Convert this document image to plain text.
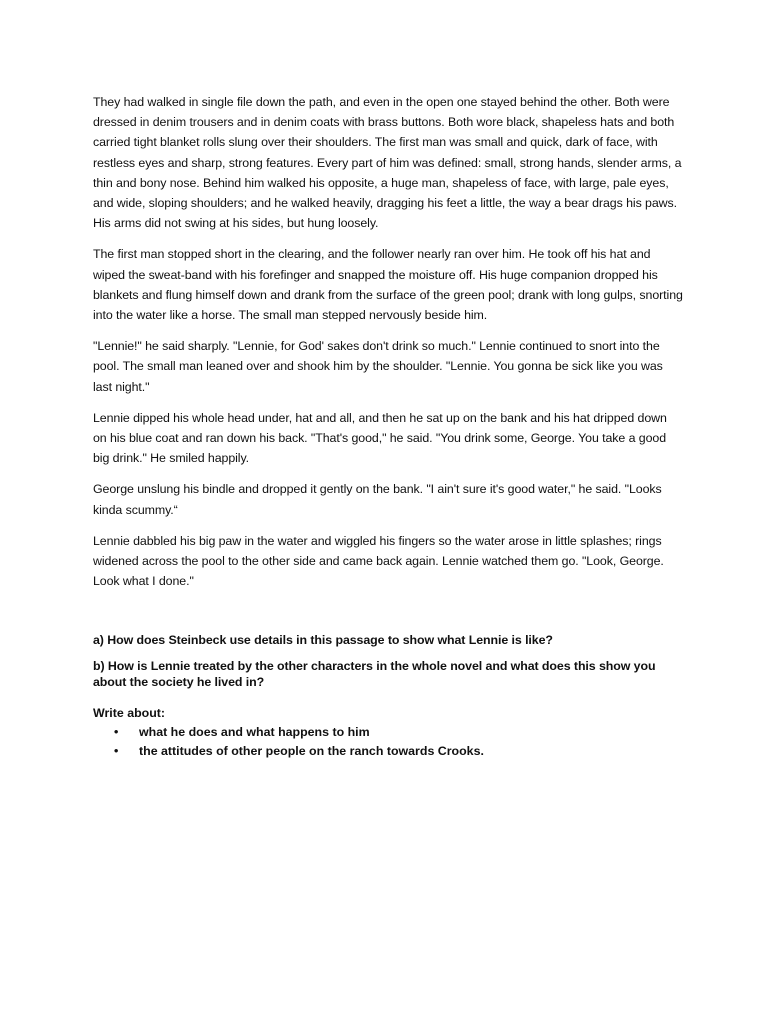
They had walked in single file down the path, and even in the open one stayed behind the other. Both were dressed in denim trousers and in denim coats with brass buttons. Both wore black, shapeless hats and both carried tight blanket rolls slung over their shoulders. The first man was small and quick, dark of face, with restless eyes and sharp, strong features. Every part of him was defined: small, strong hands, slender arms, a thin and bony nose. Behind him walked his opposite, a huge man, shapeless of face, with large, pale eyes, and wide, sloping shoulders; and he walked heavily, dragging his feet a little, the way a bear drags his paws. His arms did not swing at his sides, but hung loosely.

The first man stopped short in the clearing, and the follower nearly ran over him. He took off his hat and wiped the sweat-band with his forefinger and snapped the moisture off. His huge companion dropped his blankets and flung himself down and drank from the surface of the green pool; drank with long gulps, snorting into the water like a horse. The small man stepped nervously beside him.

"Lennie!" he said sharply. "Lennie, for God' sakes don't drink so much." Lennie continued to snort into the pool. The small man leaned over and shook him by the shoulder. "Lennie. You gonna be sick like you was last night."

Lennie dipped his whole head under, hat and all, and then he sat up on the bank and his hat dripped down on his blue coat and ran down his back. "That's good," he said. "You drink some, George. You take a good big drink." He smiled happily.

George unslung his bindle and dropped it gently on the bank. "I ain't sure it's good water," he said. "Looks kinda scummy.“

Lennie dabbled his big paw in the water and wiggled his fingers so the water arose in little splashes; rings widened across the pool to the other side and came back again. Lennie watched them go. "Look, George. Look what I done."

a) How does Steinbeck use details in this passage to show what Lennie is like?

b) How is Lennie treated by the other characters in the whole novel and what does this show you about the society he lived in?

Write about:
• what he does and what happens to him
• the attitudes of other people on the ranch towards Crooks.
